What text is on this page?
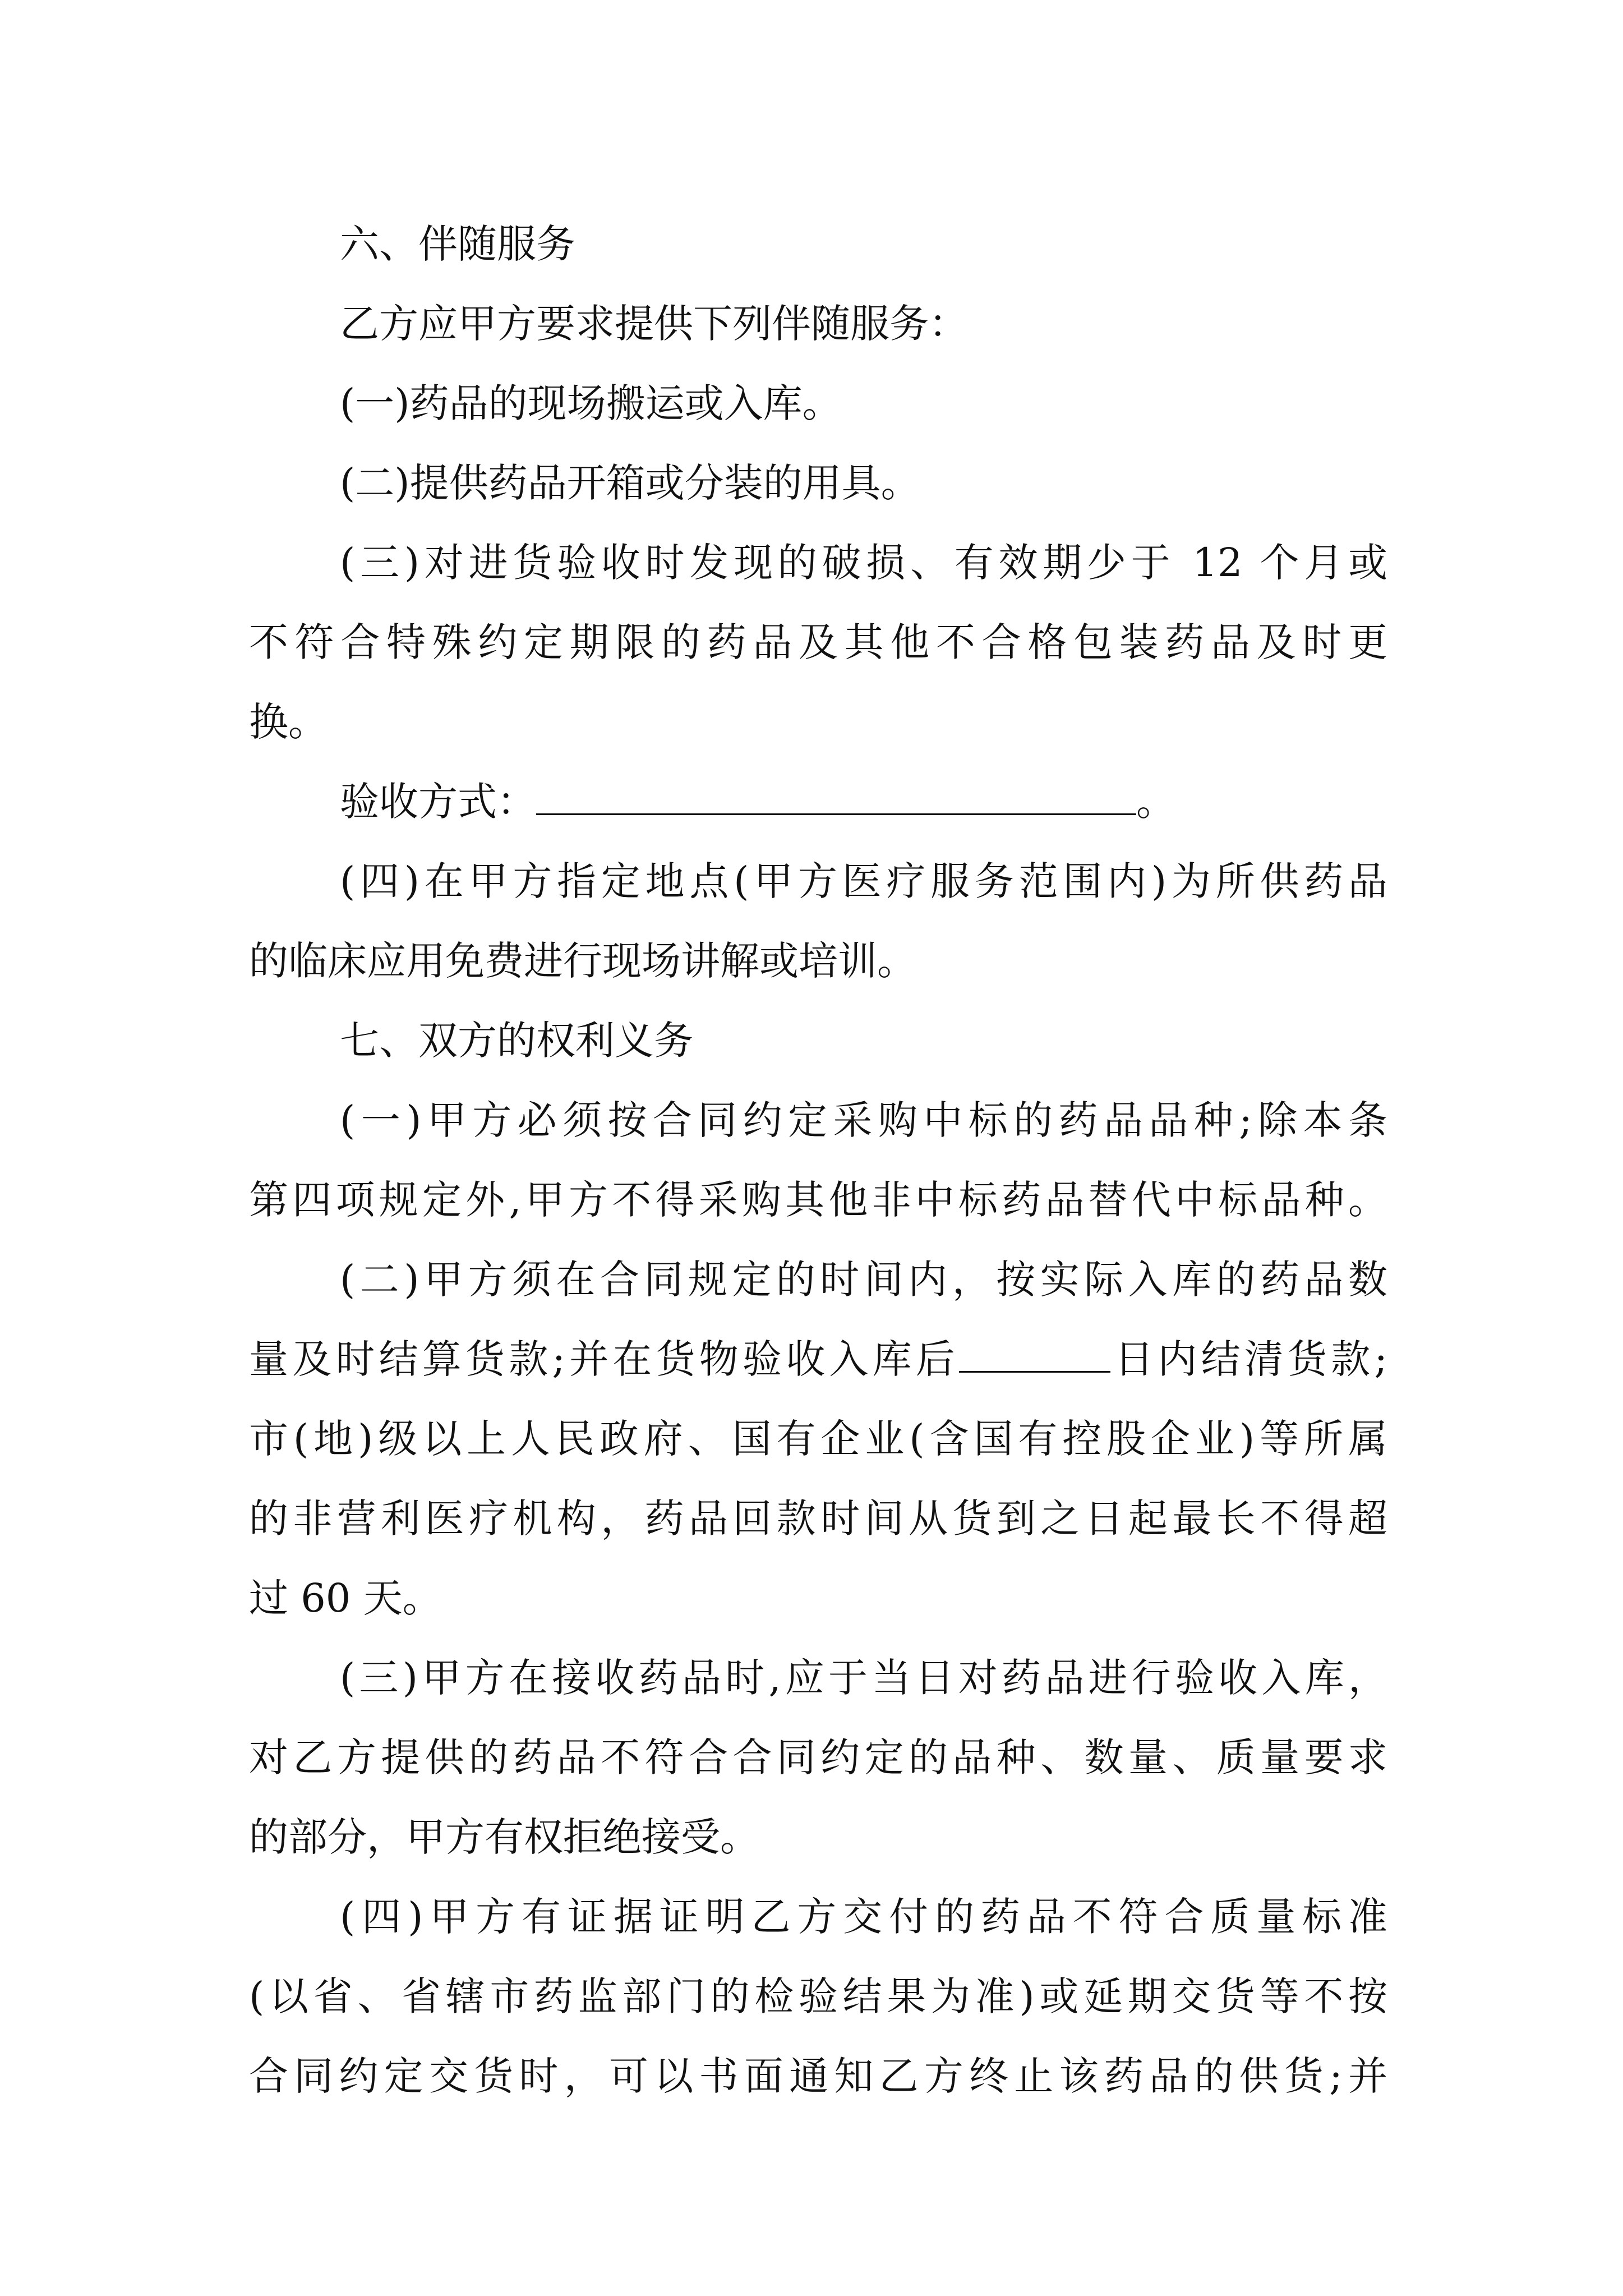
六、伴随服务
乙方应甲方要求提供下列伴随服务：
(一)药品的现场搬运或入库。
(二)提供药品开箱或分装的用具。
(三)对进货验收时发现的破损、有效期少于 12 个月或
不符合特殊约定期限的药品及其他不合格包装药品及时更
换。
验收方式：	。
(四)在甲方指定地点(甲方医疗服务范围内)为所供药品
的临床应用免费进行现场讲解或培训。
七、双方的权利义务
(一)甲方必须按合同约定采购中标的药品品种;除本条
第四项规定外,甲方不得采购其他非中标药品替代中标品种。
(二)甲方须在合同规定的时间内，按实际入库的药品数
量及时结算货款;并在货物验收入库后	日内结清货款;
市(地)级以上人民政府、国有企业(含国有控股企业)等所属
的非营利医疗机构，药品回款时间从货到之日起最长不得超
过 60 天。
(三)甲方在接收药品时,应于当日对药品进行验收入库，
对乙方提供的药品不符合合同约定的品种、数量、质量要求
的部分，甲方有权拒绝接受。
(四)甲方有证据证明乙方交付的药品不符合质量标准
(以省、省辖市药监部门的检验结果为准)或延期交货等不按
合同约定交货时，可以书面通知乙方终止该药品的供货;并
